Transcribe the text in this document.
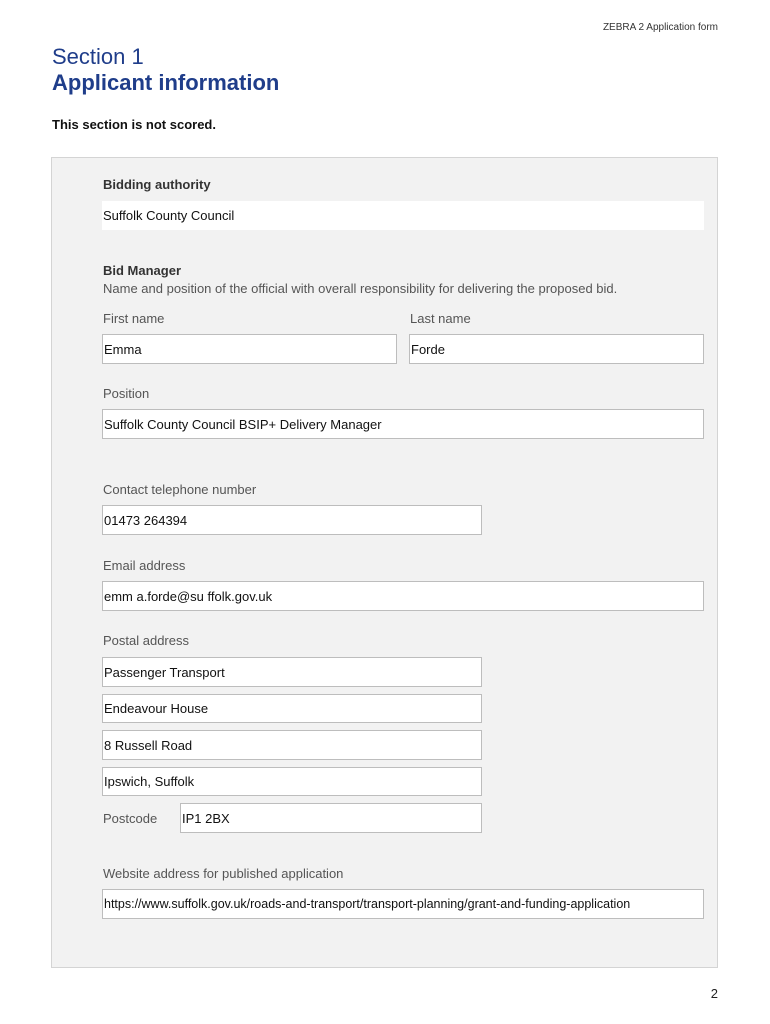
ZEBRA 2 Application form
Section 1
Applicant information
This section is not scored.
Bidding authority
Suffolk County Council
Bid Manager
Name and position of the official with overall responsibility for delivering the proposed bid.
First name
Emma
Last name
Forde
Position
Suffolk County Council BSIP+ Delivery Manager
Contact telephone number
01473 264394
Email address
emm a.forde@su ffolk.gov.uk
Postal address
Passenger Transport
Endeavour House
8 Russell Road
Ipswich, Suffolk
Postcode IP1 2BX
Website address for published application
https://www.suffolk.gov.uk/roads-and-transport/transport-planning/grant-and-funding-application
2
